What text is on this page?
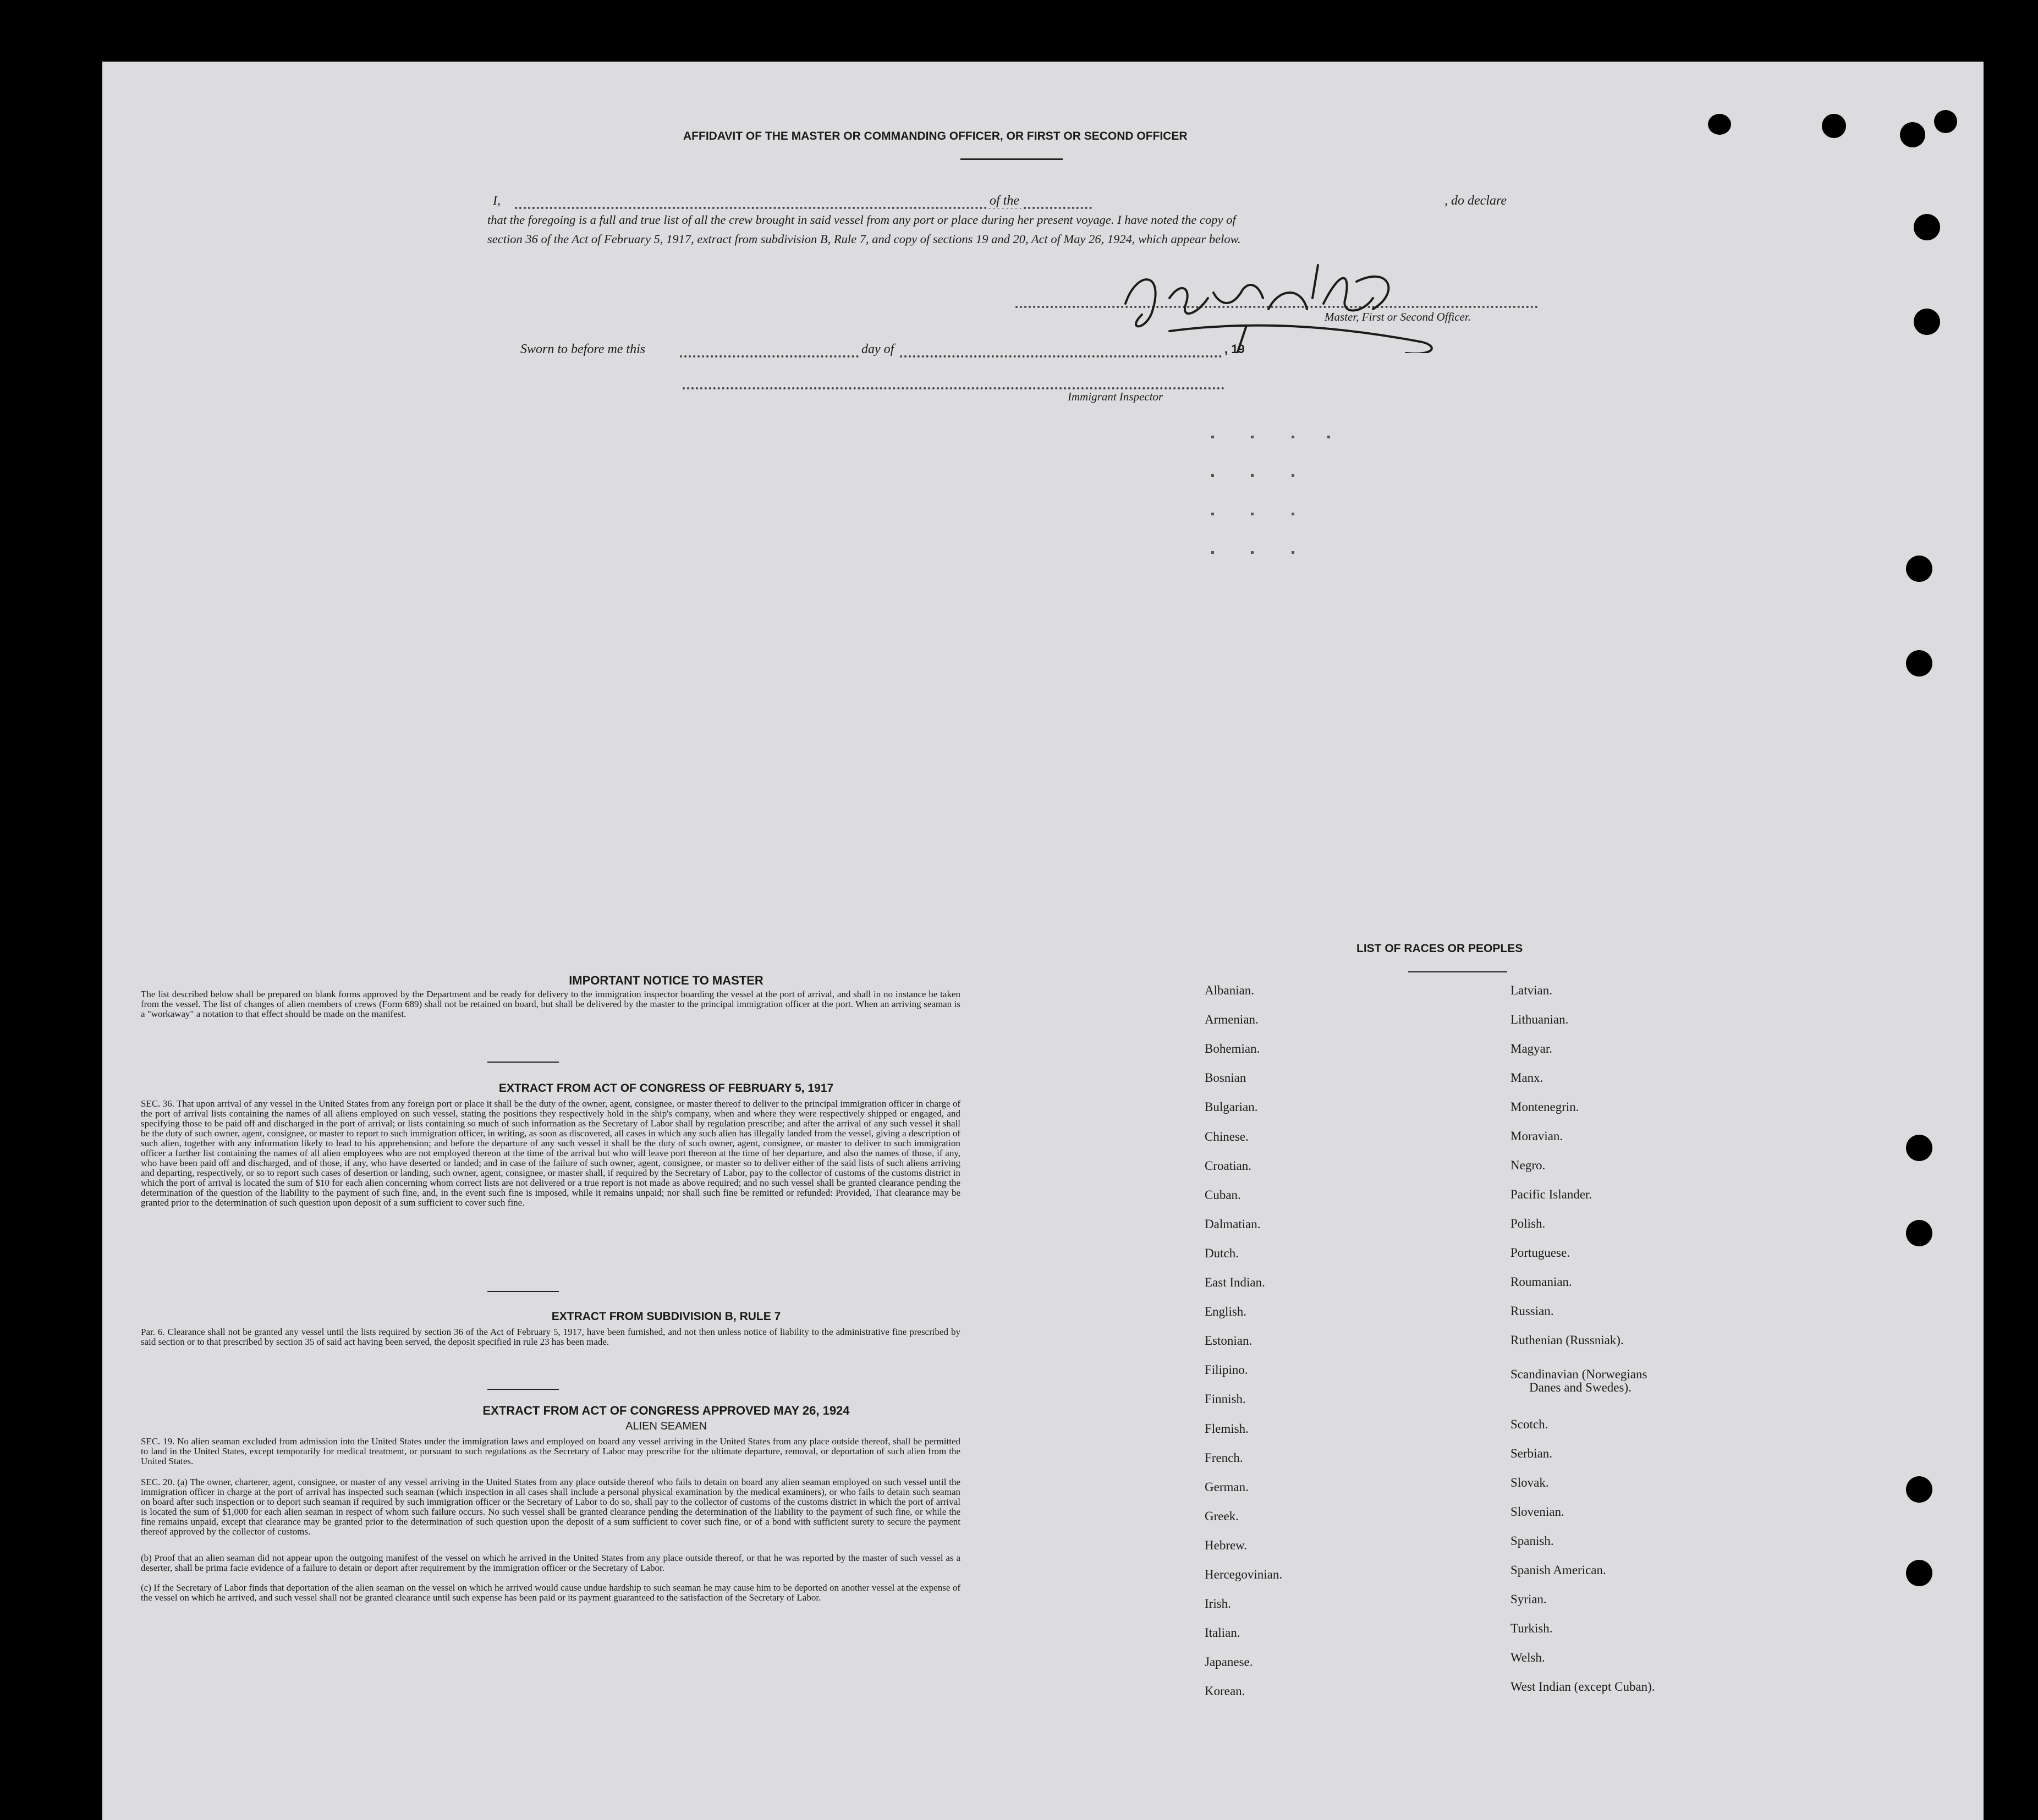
AFFIDAVIT OF THE MASTER OR COMMANDING OFFICER, OR FIRST OR SECOND OFFICER
I,	of the	, do declare
that the foregoing is a full and true list of all the crew brought in said vessel from any port or place during her present voyage. I have noted the copy of
section 36 of the Act of February 5, 1917, extract from subdivision B, Rule 7, and copy of sections 19 and 20, Act of May 26, 1924, which appear below.
Master, First or Second Officer.
Sworn to before me this	day of	, 19
Immigrant Inspector
IMPORTANT NOTICE TO MASTER
The list described below shall be prepared on blank forms approved by the Department and be ready for delivery to the immigration inspector boarding the vessel at the port of arrival, and shall in no instance be taken from the vessel. The list of changes of alien members of crews (Form 689) shall not be retained on board, but shall be delivered by the master to the principal immigration officer at the port. When an arriving seaman is a "workaway" a notation to that effect should be made on the manifest.
EXTRACT FROM ACT OF CONGRESS OF FEBRUARY 5, 1917
SEC. 36. That upon arrival of any vessel in the United States from any foreign port or place it shall be the duty of the owner, agent, consignee, or master thereof to deliver to the principal immigration officer in charge of the port of arrival lists containing the names of all aliens employed on such vessel, stating the positions they respectively hold in the ship's company, when and where they were respectively shipped or engaged, and specifying those to be paid off and discharged in the port of arrival; or lists containing so much of such information as the Secretary of Labor shall by regulation prescribe; and after the arrival of any such vessel it shall be the duty of such owner, agent, consignee, or master to report to such immigration officer, in writing, as soon as discovered, all cases in which any such alien has illegally landed from the vessel, giving a description of such alien, together with any information likely to lead to his apprehension; and before the departure of any such vessel it shall be the duty of such owner, agent, consignee, or master to deliver to such immigration officer a further list containing the names of all alien employees who are not employed thereon at the time of the arrival but who will leave port thereon at the time of her departure, and also the names of those, if any, who have been paid off and discharged, and of those, if any, who have deserted or landed; and in case of the failure of such owner, agent, consignee, or master so to deliver either of the said lists of such aliens arriving and departing, respectively, or so to report such cases of desertion or landing, such owner, agent, consignee, or master shall, if required by the Secretary of Labor, pay to the collector of customs of the customs district in which the port of arrival is located the sum of $10 for each alien concerning whom correct lists are not delivered or a true report is not made as above required; and no such vessel shall be granted clearance pending the determination of the question of the liability to the payment of such fine, and, in the event such fine is imposed, while it remains unpaid; nor shall such fine be remitted or refunded: Provided, That clearance may be granted prior to the determination of such question upon deposit of a sum sufficient to cover such fine.
EXTRACT FROM SUBDIVISION B, RULE 7
Par. 6. Clearance shall not be granted any vessel until the lists required by section 36 of the Act of February 5, 1917, have been furnished, and not then unless notice of liability to the administrative fine prescribed by said section or to that prescribed by section 35 of said act having been served, the deposit specified in rule 23 has been made.
EXTRACT FROM ACT OF CONGRESS APPROVED MAY 26, 1924
ALIEN SEAMEN
SEC. 19. No alien seaman excluded from admission into the United States under the immigration laws and employed on board any vessel arriving in the United States from any place outside thereof, shall be permitted to land in the United States, except temporarily for medical treatment, or pursuant to such regulations as the Secretary of Labor may prescribe for the ultimate departure, removal, or deportation of such alien from the United States.
SEC. 20. (a) The owner, charterer, agent, consignee, or master of any vessel arriving in the United States from any place outside thereof who fails to detain on board any alien seaman employed on such vessel until the immigration officer in charge at the port of arrival has inspected such seaman (which inspection in all cases shall include a personal physical examination by the medical examiners), or who fails to detain such seaman on board after such inspection or to deport such seaman if required by such immigration officer or the Secretary of Labor to do so, shall pay to the collector of customs of the customs district in which the port of arrival is located the sum of $1,000 for each alien seaman in respect of whom such failure occurs. No such vessel shall be granted clearance pending the determination of the liability to the payment of such fine, or while the fine remains unpaid, except that clearance may be granted prior to the determination of such question upon the deposit of a sum sufficient to cover such fine, or of a bond with sufficient surety to secure the payment thereof approved by the collector of customs.
(b) Proof that an alien seaman did not appear upon the outgoing manifest of the vessel on which he arrived in the United States from any place outside thereof, or that he was reported by the master of such vessel as a deserter, shall be prima facie evidence of a failure to detain or deport after requirement by the immigration officer or the Secretary of Labor.
(c) If the Secretary of Labor finds that deportation of the alien seaman on the vessel on which he arrived would cause undue hardship to such seaman he may cause him to be deported on another vessel at the expense of the vessel on which he arrived, and such vessel shall not be granted clearance until such expense has been paid or its payment guaranteed to the satisfaction of the Secretary of Labor.
LIST OF RACES OR PEOPLES
Albanian.
Armenian.
Bohemian.
Bosnian
Bulgarian.
Chinese.
Croatian.
Cuban.
Dalmatian.
Dutch.
East Indian.
English.
Estonian.
Filipino.
Finnish.
Flemish.
French.
German.
Greek.
Hebrew.
Hercegovinian.
Irish.
Italian.
Japanese.
Korean.
Latvian.
Lithuanian.
Magyar.
Manx.
Montenegrin.
Moravian.
Negro.
Pacific Islander.
Polish.
Portuguese.
Roumanian.
Russian.
Ruthenian (Russniak).
Scandinavian (Norwegians
Danes and Swedes).
Scotch.
Serbian.
Slovak.
Slovenian.
Spanish.
Spanish American.
Syrian.
Turkish.
Welsh.
West Indian (except Cuban).
